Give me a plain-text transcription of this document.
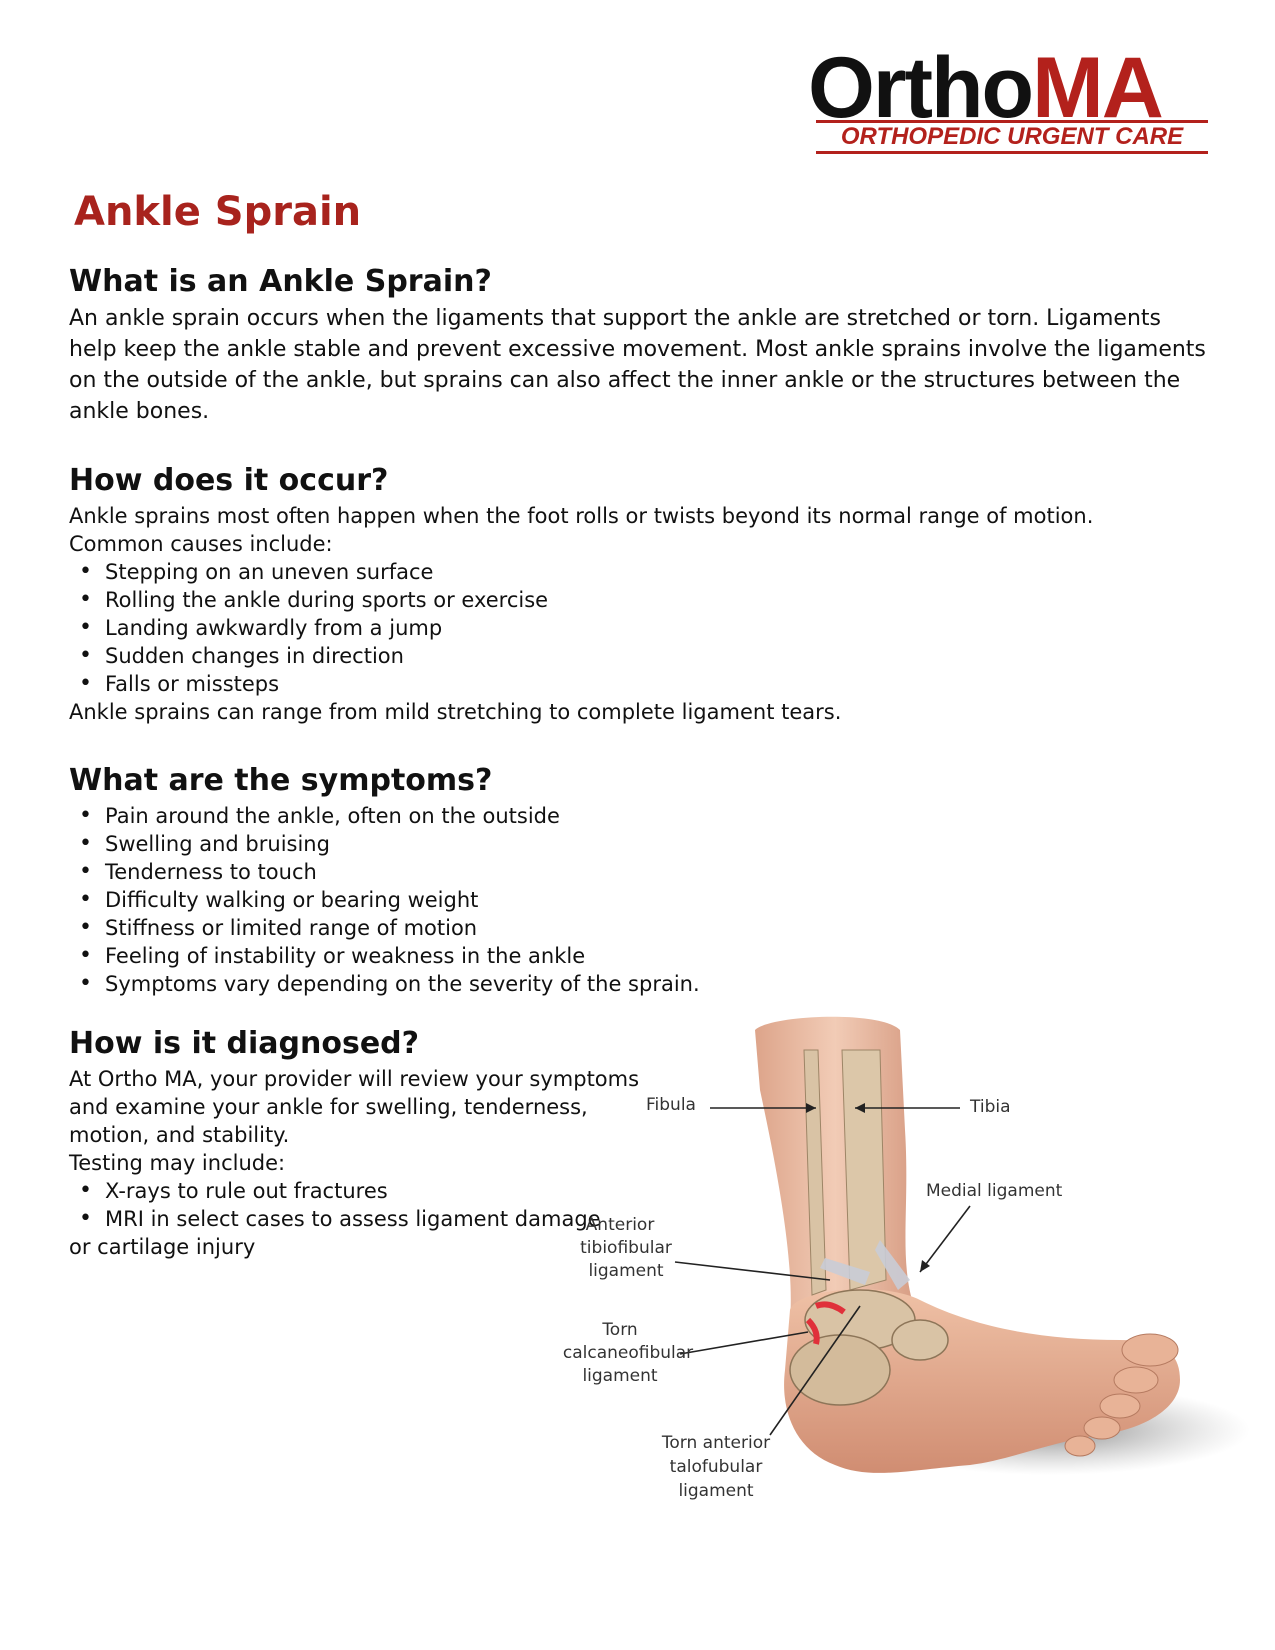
OrthoMA
ORTHOPEDIC URGENT CARE
Ankle Sprain
What is an Ankle Sprain?

An ankle sprain occurs when the ligaments that support the ankle are stretched or torn. Ligaments help keep the ankle stable and prevent excessive movement. Most ankle sprains involve the ligaments on the outside of the ankle, but sprains can also affect the inner ankle or the structures between the ankle bones.

How does it occur?

Ankle sprains most often happen when the foot rolls or twists beyond its normal range of motion.

Common causes include:

• Stepping on an uneven surface
• Rolling the ankle during sports or exercise
• Landing awkwardly from a jump
• Sudden changes in direction
• Falls or missteps

Ankle sprains can range from mild stretching to complete ligament tears.

What are the symptoms?
• Pain around the ankle, often on the outside
• Swelling and bruising
• Tenderness to touch
• Difficulty walking or bearing weight
• Stiffness or limited range of motion
• Feeling of instability or weakness in the ankle
• Symptoms vary depending on the severity of the sprain.
How is it diagnosed?

At Ortho MA, your provider will review your symptoms and examine your ankle for swelling, tenderness, motion, and stability.

Testing may include:

• X-rays to rule out fractures
• MRI in select cases to assess ligament damage

or cartilage injury

Fibula	Tibia
Medial ligament
Anterior
tibiofibular
ligament
Torn
calcaneofibular
ligament
Torn anterior
talofubular
ligament
